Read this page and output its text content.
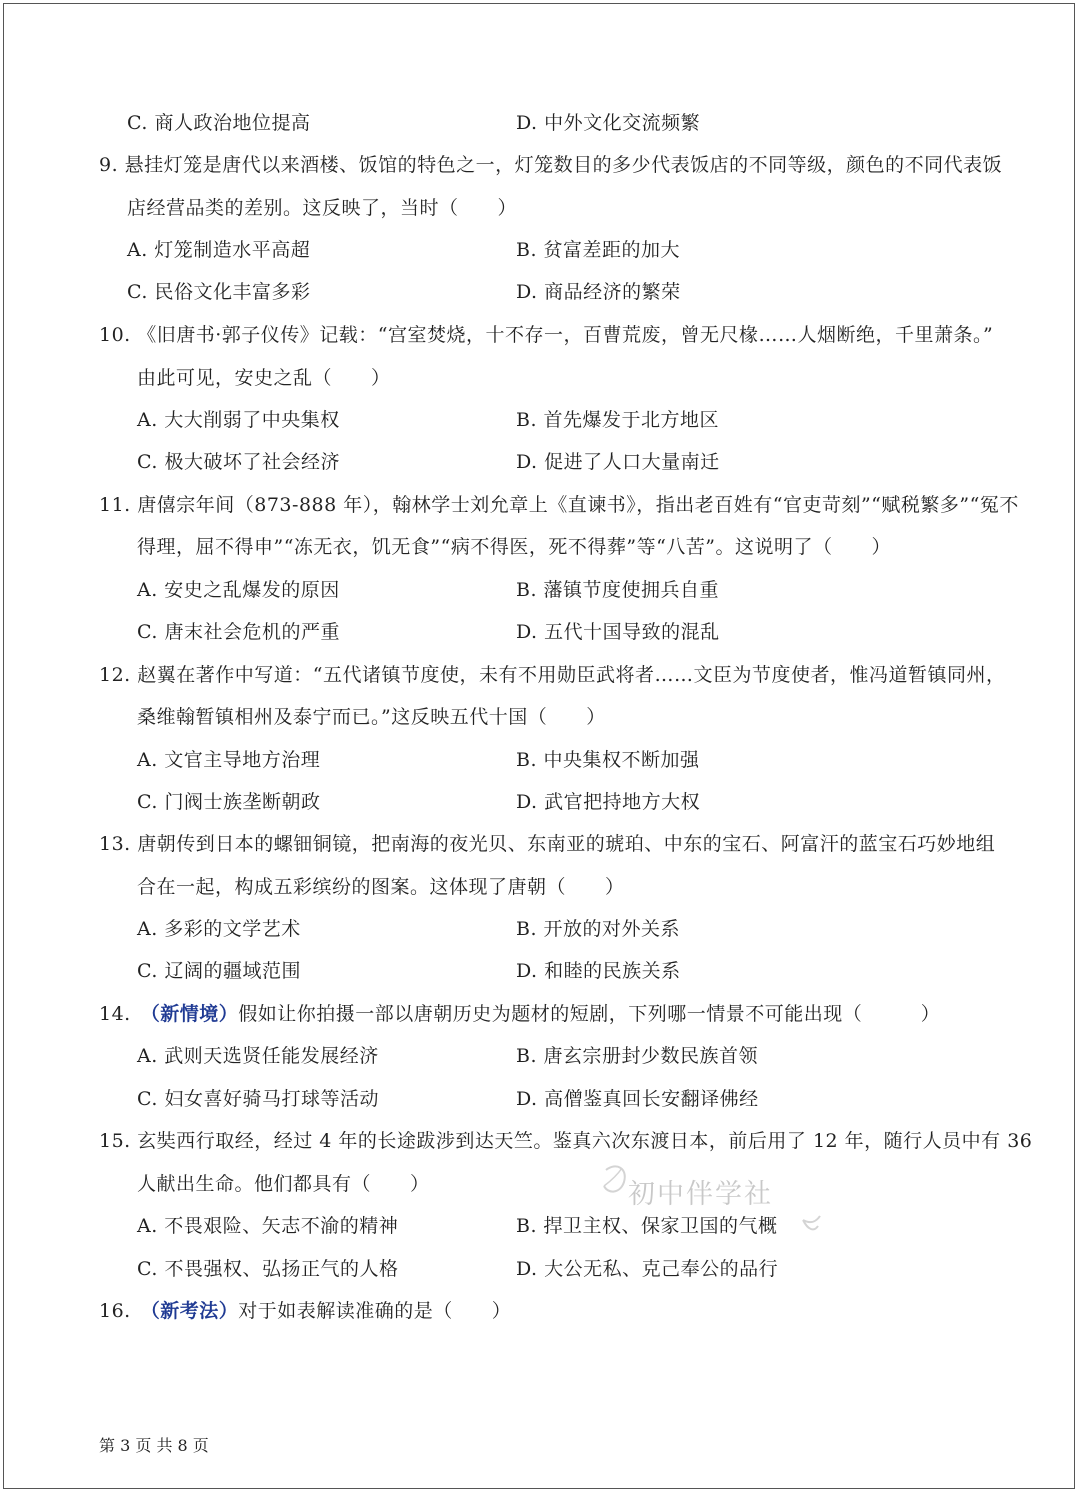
C. 商人政治地位提高	D. 中外文化交流频繁
9. 悬挂灯笼是唐代以来酒楼、饭馆的特色之一，灯笼数目的多少代表饭店的不同等级，颜色的不同代表饭
店经营品类的差别。这反映了，当时（　　）
A. 灯笼制造水平高超	B. 贫富差距的加大
C. 民俗文化丰富多彩	D. 商品经济的繁荣
10. 《旧唐书·郭子仪传》记载：“宫室焚烧，十不存一，百曹荒废，曾无尺椽……人烟断绝，千里萧条。”
由此可见，安史之乱（　　）
A. 大大削弱了中央集权	B. 首先爆发于北方地区
C. 极大破坏了社会经济	D. 促进了人口大量南迁
11. 唐僖宗年间（873-888 年），翰林学士刘允章上《直谏书》，指出老百姓有“官吏苛刻”“赋税繁多”“冤不
得理，屈不得申”“冻无衣，饥无食”“病不得医，死不得葬”等“八苦”。这说明了（　　）
A. 安史之乱爆发的原因	B. 藩镇节度使拥兵自重
C. 唐末社会危机的严重	D. 五代十国导致的混乱
12. 赵翼在著作中写道：“五代诸镇节度使，未有不用勋臣武将者……文臣为节度使者，惟冯道暂镇同州，
桑维翰暂镇相州及泰宁而已。”这反映五代十国（　　）
A. 文官主导地方治理	B. 中央集权不断加强
C. 门阀士族垄断朝政	D. 武官把持地方大权
13. 唐朝传到日本的螺钿铜镜，把南海的夜光贝、东南亚的琥珀、中东的宝石、阿富汗的蓝宝石巧妙地组
合在一起，构成五彩缤纷的图案。这体现了唐朝（　　）
A. 多彩的文学艺术	B. 开放的对外关系
C. 辽阔的疆域范围	D. 和睦的民族关系
14. （新情境）假如让你拍摄一部以唐朝历史为题材的短剧，下列哪一情景不可能出现（　　　）
A. 武则天选贤任能发展经济	B. 唐玄宗册封少数民族首领
C. 妇女喜好骑马打球等活动	D. 高僧鉴真回长安翻译佛经
15. 玄奘西行取经，经过 4 年的长途跋涉到达天竺。鉴真六次东渡日本，前后用了 12 年，随行人员中有 36
人献出生命。他们都具有（　　）
A. 不畏艰险、矢志不渝的精神	B. 捍卫主权、保家卫国的气概
C. 不畏强权、弘扬正气的人格	D. 大公无私、克己奉公的品行
16. （新考法）对于如表解读准确的是（　　）
初中伴学社
第 3 页 共 8 页
